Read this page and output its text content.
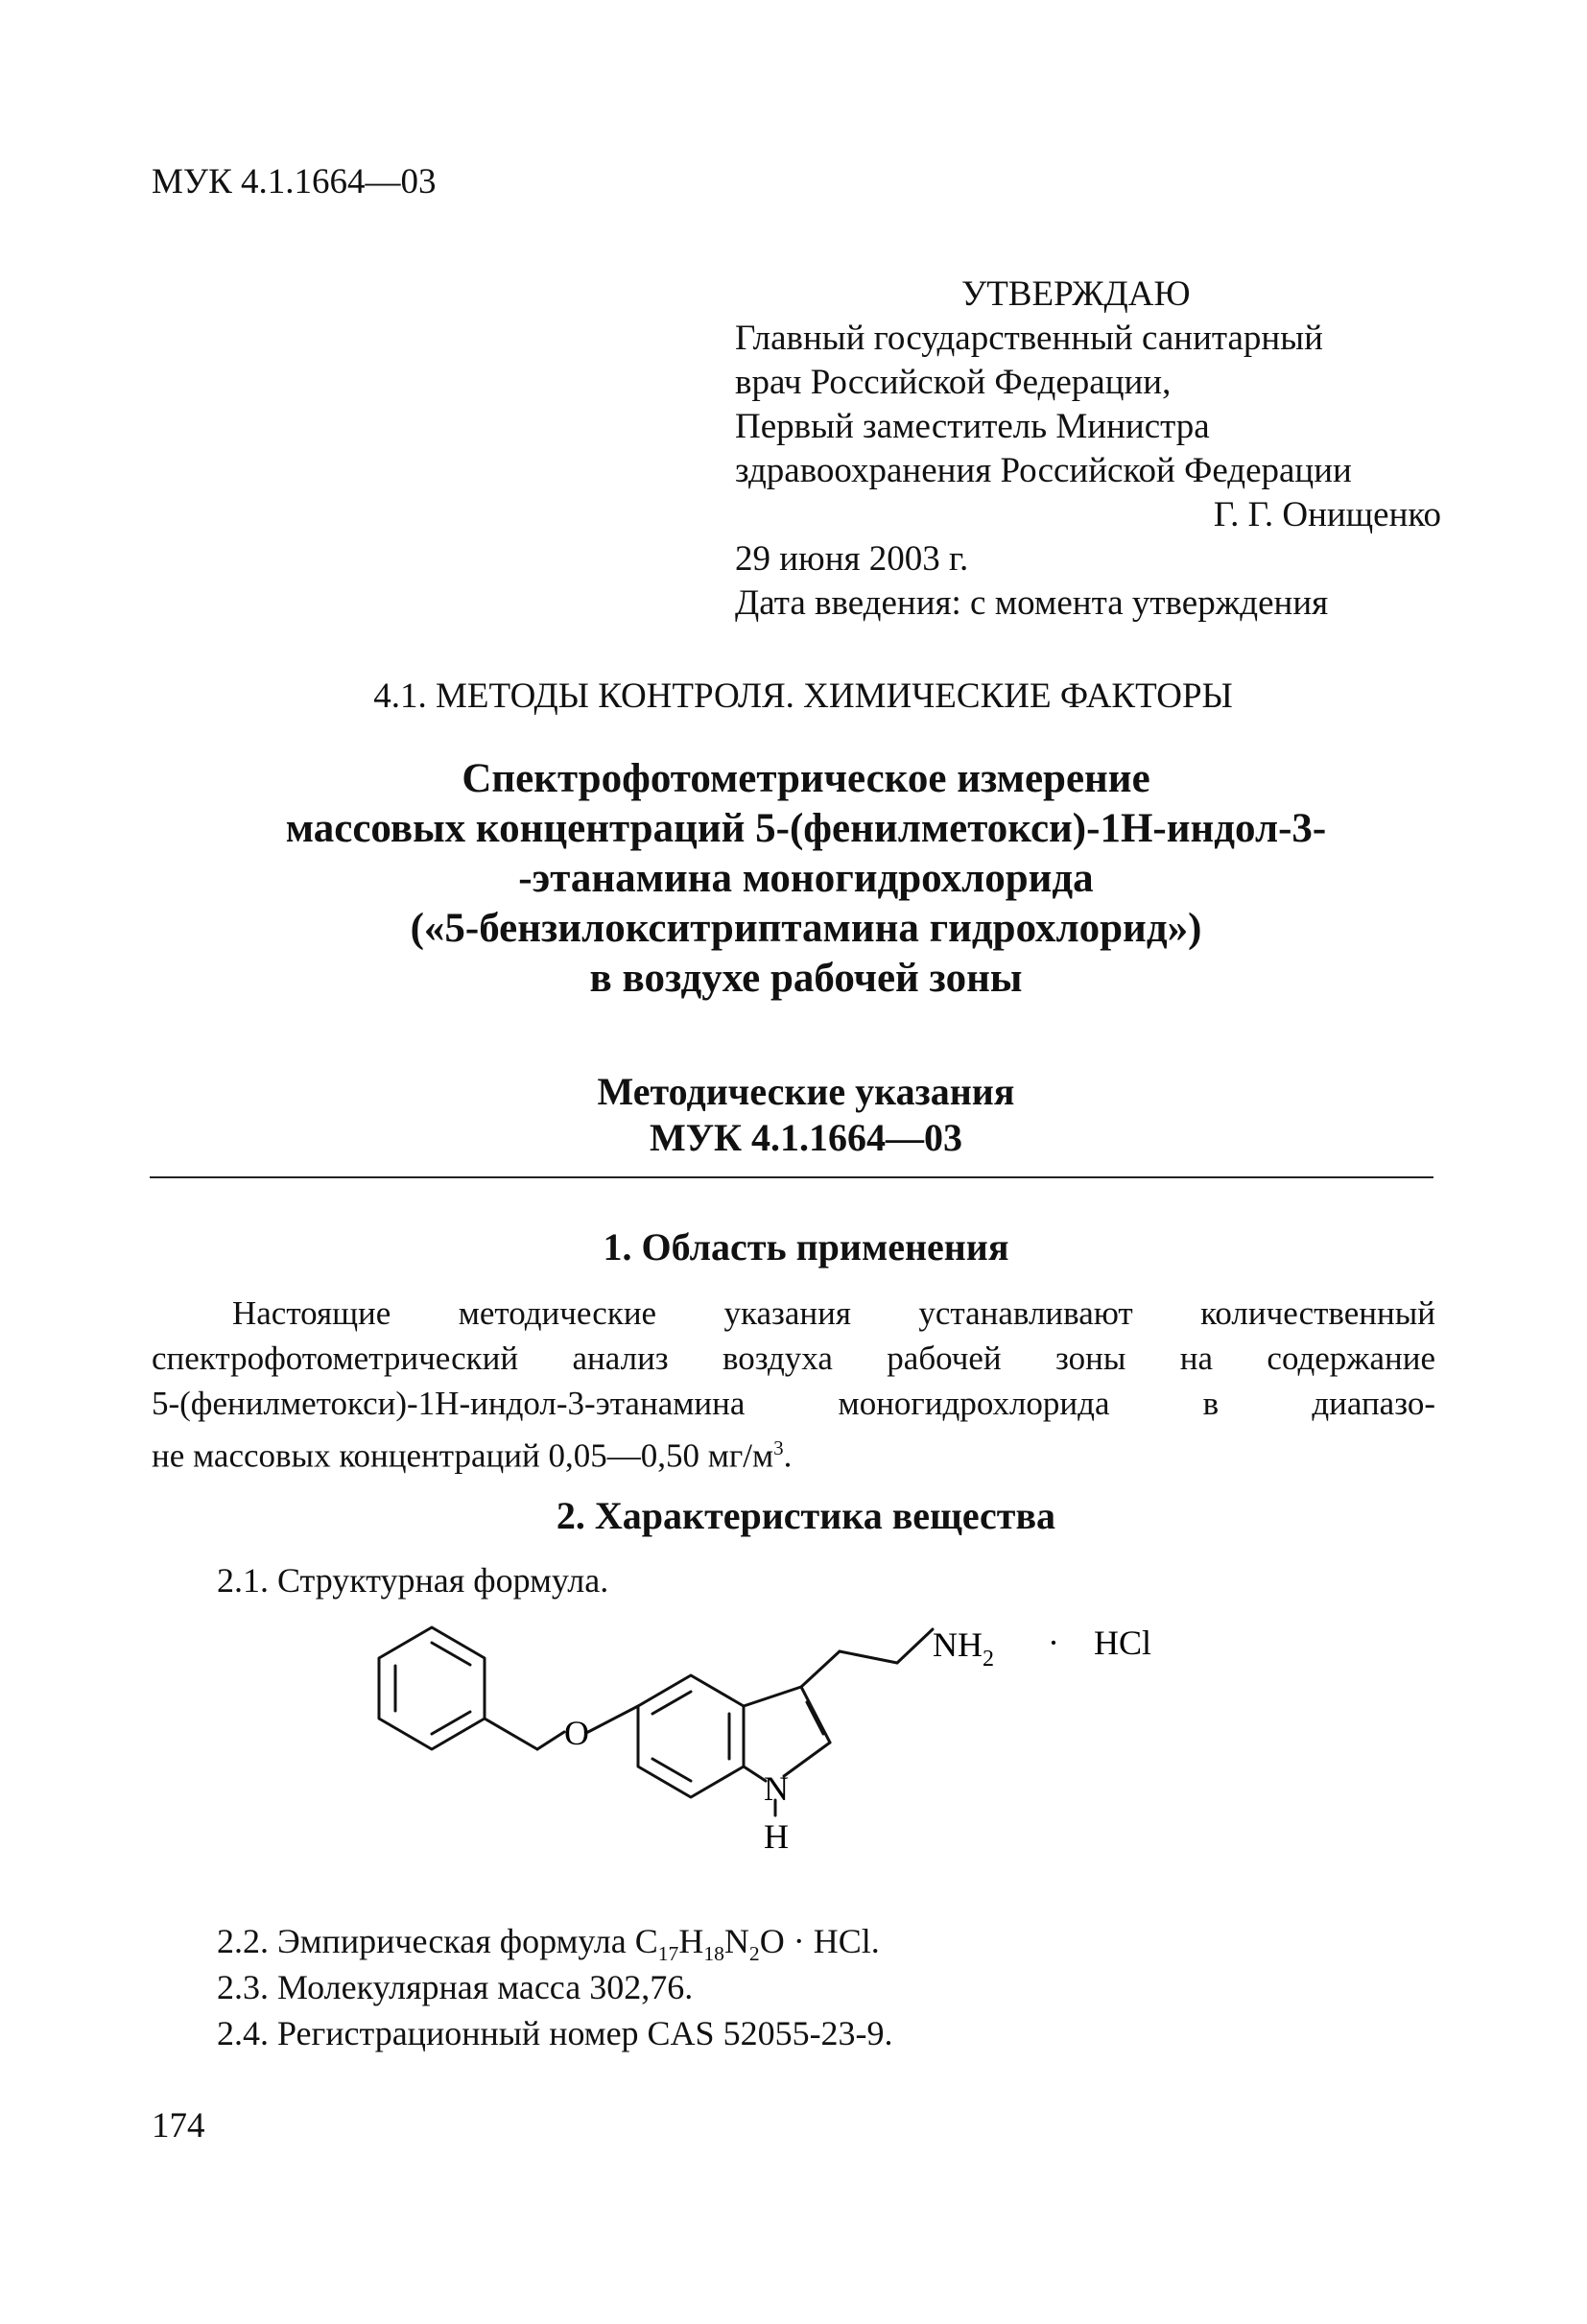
МУК 4.1.1664—03
УТВЕРЖДАЮ
Главный государственный санитарный
врач Российской Федерации,
Первый заместитель Министра
здравоохранения Российской Федерации
Г. Г. Онищенко
29 июня 2003 г.
Дата введения: с момента утверждения
4.1. МЕТОДЫ КОНТРОЛЯ. ХИМИЧЕСКИЕ ФАКТОРЫ
Спектрофотометрическое измерение
массовых концентраций 5-(фенилметокси)-1Н-индол-3-
-этанамина моногидрохлорида
(«5-бензилокситриптамина гидрохлорид»)
в воздухе рабочей зоны
Методические указания
МУК 4.1.1664—03
1. Область применения
Настоящие методические указания устанавливают количественный
спектрофотометрический анализ воздуха рабочей зоны на содержание
5-(фенилметокси)-1Н-индол-3-этанамина моногидрохлорида в диапазо-
не массовых концентраций 0,05—0,50 $мг/м^3$.
2. Характеристика вещества
2.1. Структурная формула.
O
$NH_2$ · HCl
N
H
2.2. Эмпирическая формула $C_{17}H_{18}N_2O$ · HCl.
2.3. Молекулярная масса 302,76.
2.4. Регистрационный номер CAS 52055-23-9.
174
